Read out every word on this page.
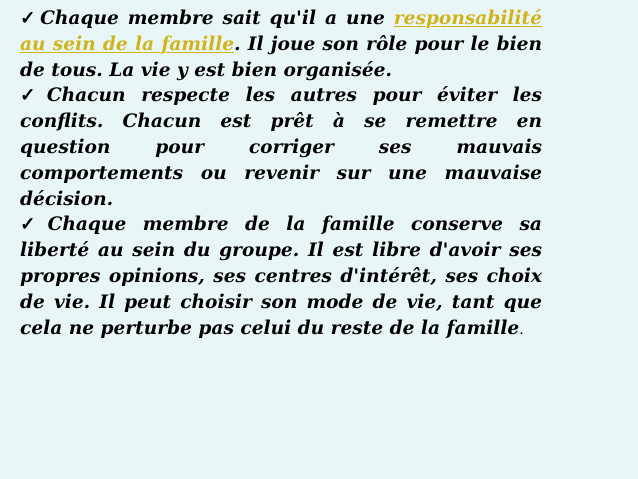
✓ Chaque membre sait qu'il a une responsabilité au sein de la famille. Il joue son rôle pour le bien de tous. La vie y est bien organisée.

✓ Chacun respecte les autres pour éviter les conflits. Chacun est prêt à se remettre en question pour corriger ses mauvais comportements ou revenir sur une mauvaise décision.

✓ Chaque membre de la famille conserve sa liberté au sein du groupe. Il est libre d'avoir ses propres opinions, ses centres d'intérêt, ses choix de vie. Il peut choisir son mode de vie, tant que cela ne perturbe pas celui du reste de la famille.
